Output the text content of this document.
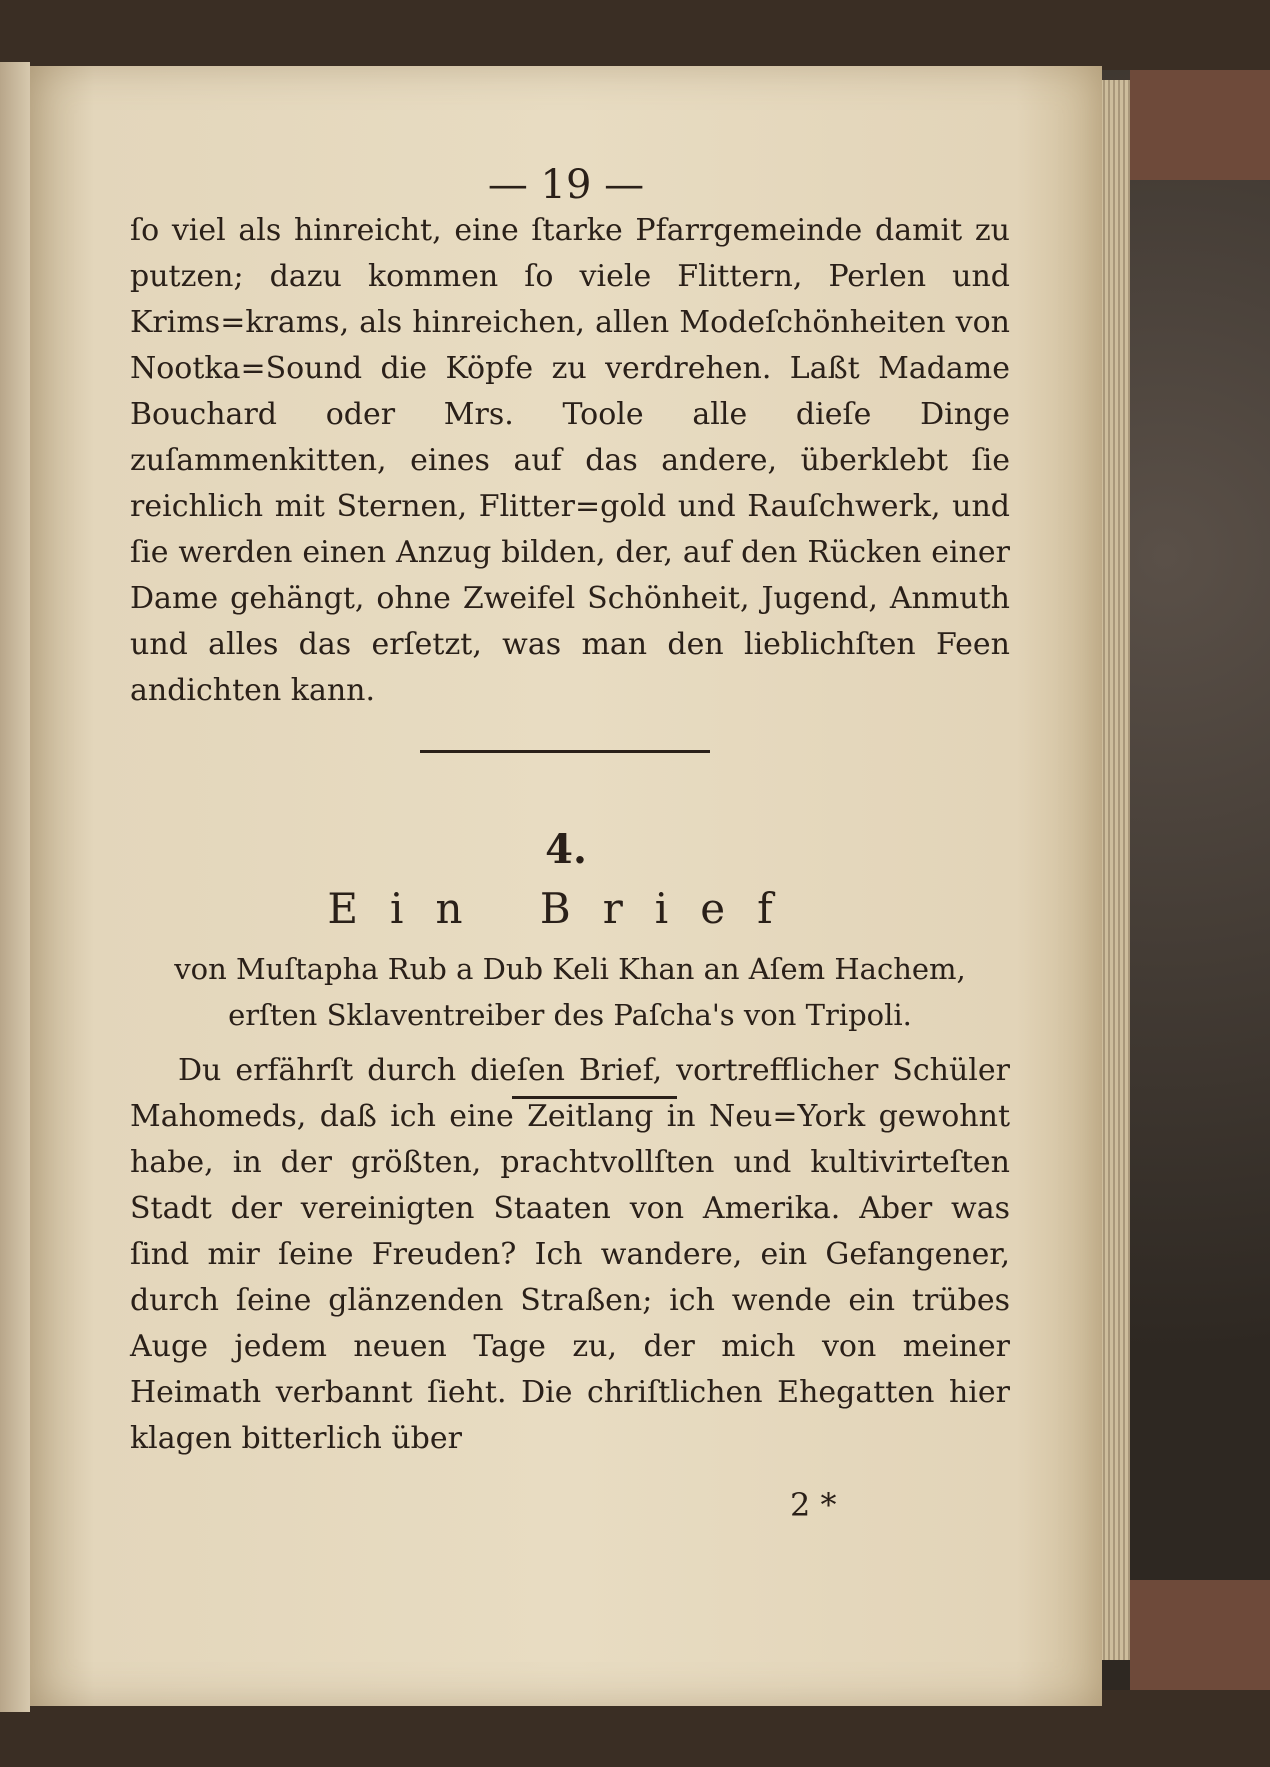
— 19 —
ſo viel als hinreicht, eine ſtarke Pfarrgemeinde damit zu putzen; dazu kommen ſo viele Flittern, Perlen und Krims=krams, als hinreichen, allen Modeſchönheiten von Nootka=Sound die Köpfe zu verdrehen. Laßt Madame Bouchard oder Mrs. Toole alle dieſe Dinge zuſammenkitten, eines auf das andere, überklebt ſie reichlich mit Sternen, Flitter=gold und Rauſchwerk, und ſie werden einen Anzug bilden, der, auf den Rücken einer Dame gehängt, ohne Zweifel Schönheit, Jugend, Anmuth und alles das erſetzt, was man den lieblichſten Feen andichten kann.
4.
Ein Brief
von Muſtapha Rub a Dub Keli Khan an Aſem Hachem, erſten Sklaventreiber des Paſcha's von Tripoli.
Du erfährſt durch dieſen Brief, vortrefflicher Schüler Mahomeds, daß ich eine Zeitlang in Neu=York gewohnt habe, in der größten, prachtvollſten und kultivirteſten Stadt der vereinigten Staaten von Amerika. Aber was ſind mir ſeine Freuden? Ich wandere, ein Gefangener, durch ſeine glänzenden Straßen; ich wende ein trübes Auge jedem neuen Tage zu, der mich von meiner Heimath verbannt ſieht. Die chriſtlichen Ehegatten hier klagen bitterlich über
2 *
